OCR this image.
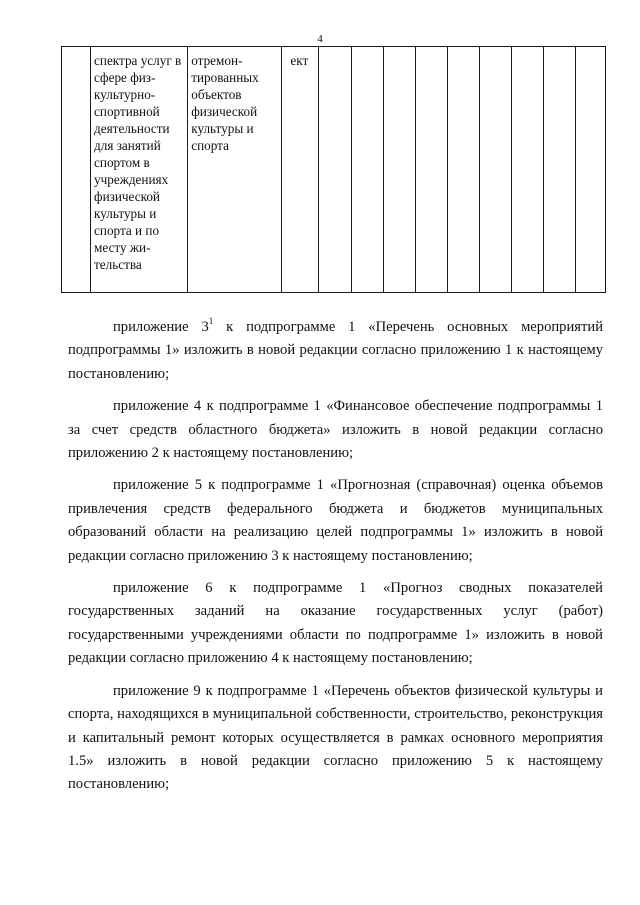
4
	спектра услуг в сфере физ-культурно-спортивной деятельности для занятий спортом в учреждениях физической культуры и спорта и по месту жи-тельства	отремон-тированных объектов физической культуры и спорта	ект									

приложение $3^1$ к подпрограмме 1 «Перечень основных мероприятий подпрограммы 1» изложить в новой редакции согласно приложению 1 к настоящему постановлению;

приложение 4 к подпрограмме 1 «Финансовое обеспечение подпрограммы 1 за счет средств областного бюджета» изложить в новой редакции согласно приложению 2 к настоящему постановлению;

приложение 5 к подпрограмме 1 «Прогнозная (справочная) оценка объемов привлечения средств федерального бюджета и бюджетов муниципальных образований области на реализацию целей подпрограммы 1» изложить в новой редакции согласно приложению 3 к настоящему постановлению;

приложение 6 к подпрограмме 1 «Прогноз сводных показателей государственных заданий на оказание государственных услуг (работ) государственными учреждениями области по подпрограмме 1» изложить в новой редакции согласно приложению 4 к настоящему постановлению;

приложение 9 к подпрограмме 1 «Перечень объектов физической культуры и спорта, находящихся в муниципальной собственности, строительство, реконструкция и капитальный ремонт которых осуществляется в рамках основного мероприятия 1.5» изложить в новой редакции согласно приложению 5 к настоящему постановлению;
